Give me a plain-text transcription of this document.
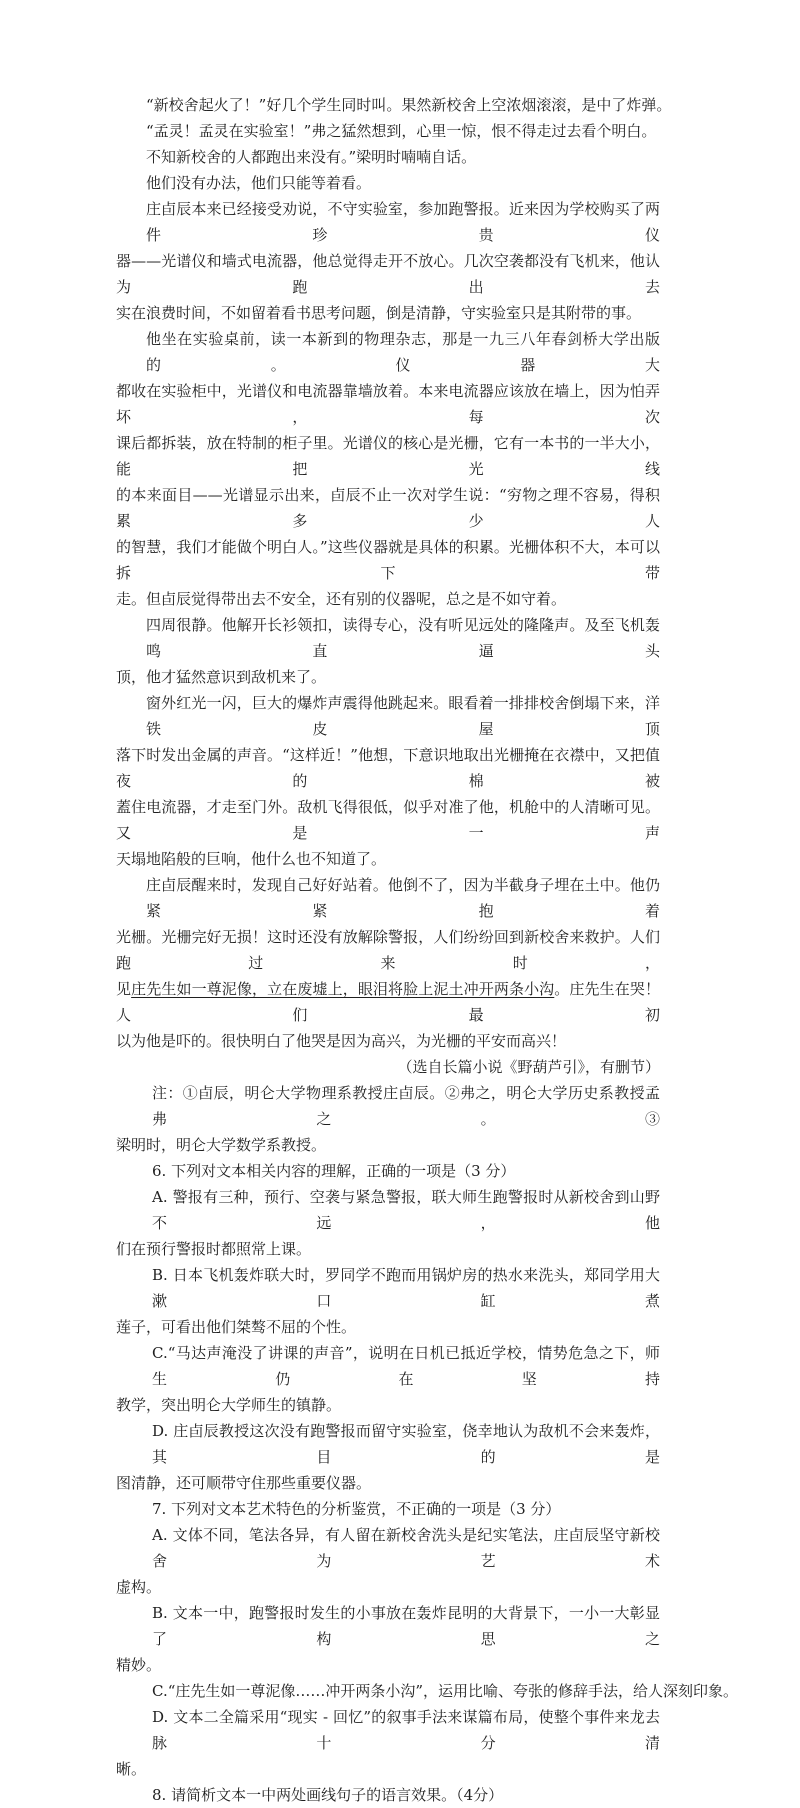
“新校舍起火了！”好几个学生同时叫。果然新校舍上空浓烟滚滚，是中了炸弹。

“孟灵！孟灵在实验室！”弗之猛然想到，心里一惊，恨不得走过去看个明白。

不知新校舍的人都跑出来没有。”梁明时喃喃自话。

他们没有办法，他们只能等着看。

庄卣辰本来已经接受劝说，不守实验室，参加跑警报。近来因为学校购买了两件珍贵仪

器——光谱仪和墙式电流器，他总觉得走开不放心。几次空袭都没有飞机来，他认为跑出去

实在浪费时间，不如留着看书思考问题，倒是清静，守实验室只是其附带的事。

他坐在实验桌前，读一本新到的物理杂志，那是一九三八年春剑桥大学出版的。仪器大

都收在实验柜中，光谱仪和电流器靠墙放着。本来电流器应该放在墙上，因为怕弄坏，每次

课后都拆装，放在特制的柜子里。光谱仪的核心是光栅，它有一本书的一半大小，能把光线

的本来面目——光谱显示出来，卣辰不止一次对学生说：“穷物之理不容易，得积累多少人

的智慧，我们才能做个明白人。”这些仪器就是具体的积累。光栅体积不大，本可以拆下带

走。但卣辰觉得带出去不安全，还有别的仪器呢，总之是不如守着。

四周很静。他解开长衫领扣，读得专心，没有听见远处的隆隆声。及至飞机轰鸣直逼头

顶，他才猛然意识到敌机来了。

窗外红光一闪，巨大的爆炸声震得他跳起来。眼看着一排排校舍倒塌下来，洋铁皮屋顶

落下时发出金属的声音。“这样近！”他想，下意识地取出光栅掩在衣襟中，又把值夜的棉被

蓋住电流器，才走至门外。敌机飞得很低，似乎对准了他，机舱中的人清晰可见。又是一声

天塌地陷般的巨响，他什么也不知道了。

庄卣辰醒来时，发现自己好好站着。他倒不了，因为半截身子埋在土中。他仍紧紧抱着

光栅。光栅完好无损！这时还没有放解除警报，人们纷纷回到新校舍来救护。人们跑过来时，

见庄先生如一尊泥像，立在废墟上，眼泪将脸上泥土冲开两条小沟。庄先生在哭！人们最初

以为他是吓的。很快明白了他哭是因为高兴，为光栅的平安而高兴！

（选自长篇小说《野葫芦引》，有删节）

注：①卣辰，明仑大学物理系教授庄卣辰。②弗之，明仑大学历史系教授孟弗之。③

梁明时，明仑大学数学系教授。

6. 下列对文本相关内容的理解，正确的一项是（3 分）

A. 警报有三种，预行、空袭与紧急警报，联大师生跑警报时从新校舍到山野不远，他

们在预行警报时都照常上课。

B. 日本飞机轰炸联大时，罗同学不跑而用锅炉房的热水来洗头，郑同学用大漱口缸煮

莲子，可看出他们桀骜不屈的个性。

C.“马达声淹没了讲课的声音”，说明在日机已抵近学校，情势危急之下，师生仍在坚持

教学，突出明仑大学师生的镇静。

D. 庄卣辰教授这次没有跑警报而留守实验室，侥幸地认为敌机不会来轰炸，其目的是

图清静，还可顺带守住那些重要仪器。

7. 下列对文本艺术特色的分析鉴赏，不正确的一项是（3 分）

A. 文体不同，笔法各异，有人留在新校舍洗头是纪实笔法，庄卣辰坚守新校舍为艺术

虚构。

B. 文本一中，跑警报时发生的小事放在轰炸昆明的大背景下，一小一大彰显了构思之

精妙。

C.“庄先生如一尊泥像……冲开两条小沟”，运用比喻、夸张的修辞手法，给人深刻印象。

D. 文本二全篇采用“现实 - 回忆”的叙事手法来谋篇布局，使整个事件来龙去脉十分清

晰。

8. 请简析文本一中两处画线句子的语言效果。（4分）
